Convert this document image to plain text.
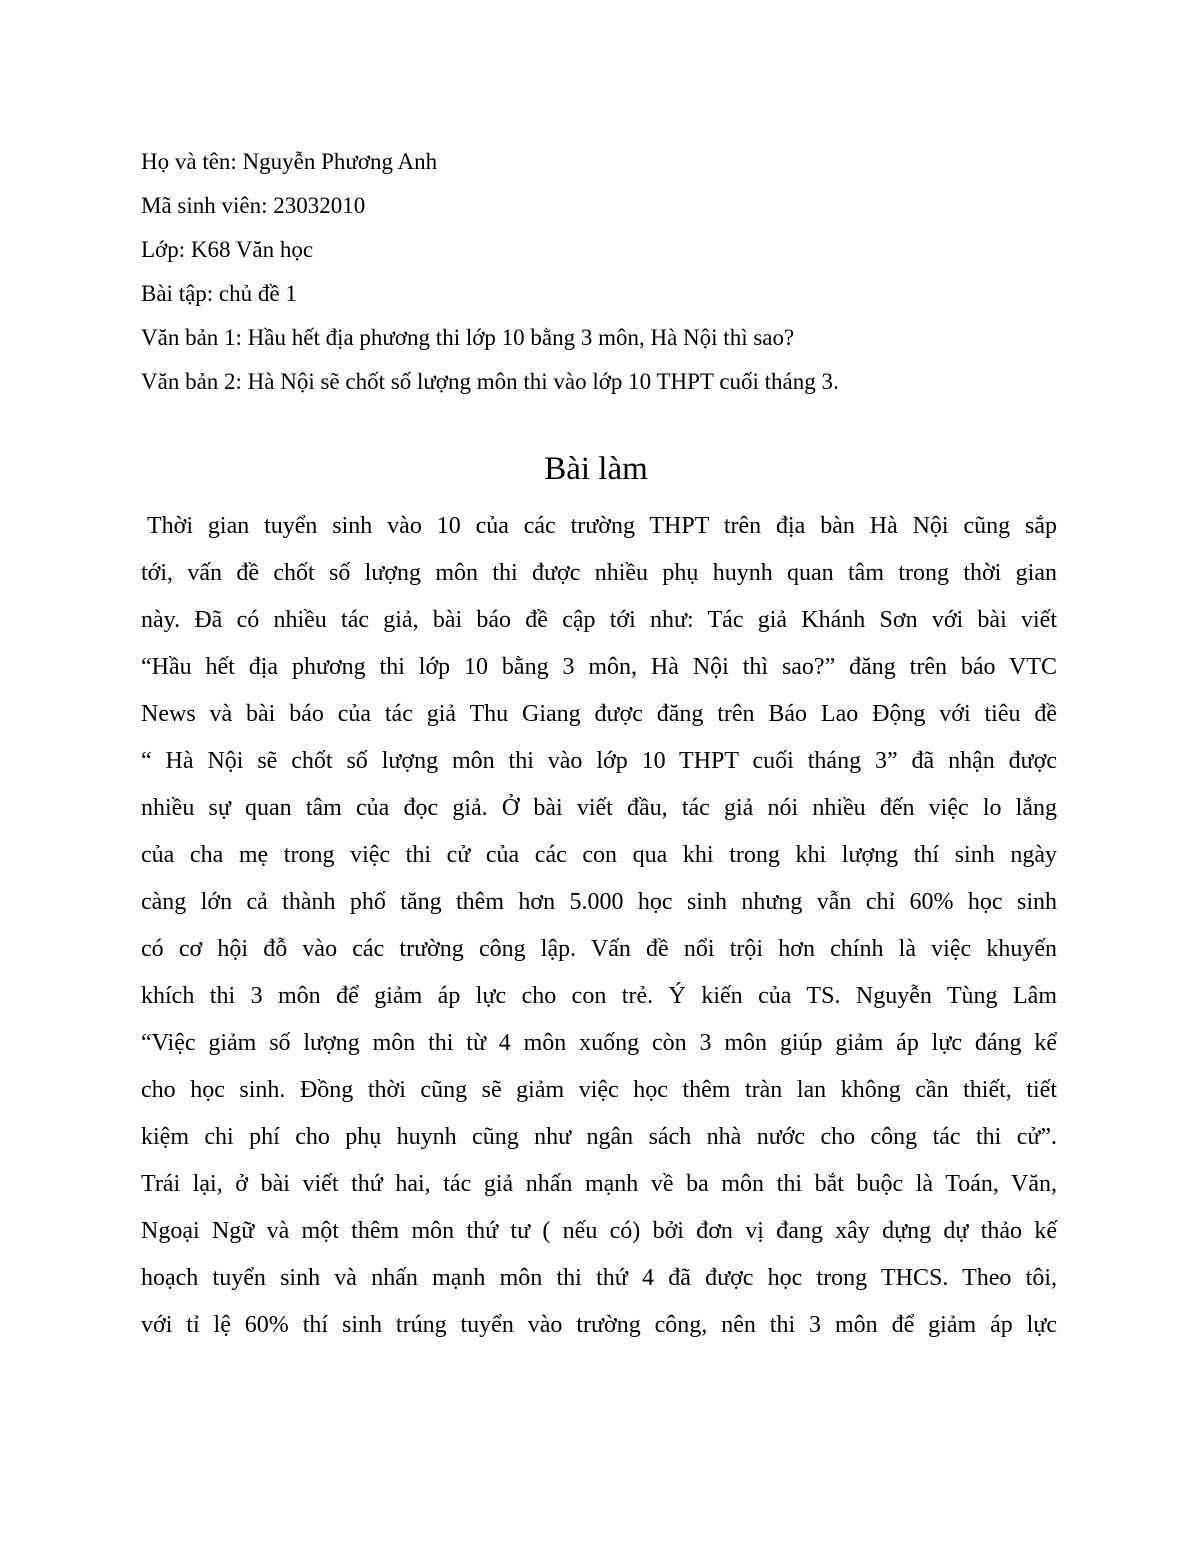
Họ và tên: Nguyễn Phương Anh
Mã sinh viên: 23032010
Lớp: K68 Văn học
Bài tập: chủ đề 1
Văn bản 1: Hầu hết địa phương thi lớp 10 bằng 3 môn, Hà Nội thì sao?
Văn bản 2: Hà Nội sẽ chốt số lượng môn thi vào lớp 10 THPT cuối tháng 3.
Bài làm
Thời gian tuyển sinh vào 10 của các trường THPT trên địa bàn Hà Nội cũng sắp
tới, vấn đề chốt số lượng môn thi được nhiều phụ huynh quan tâm trong thời gian
này. Đã có nhiều tác giả, bài báo đề cập tới như: Tác giả Khánh Sơn với bài viết
“Hầu hết địa phương thi lớp 10 bằng 3 môn, Hà Nội thì sao?” đăng trên báo VTC
News và bài báo của tác giả Thu Giang được đăng trên Báo Lao Động với tiêu đề
“ Hà Nội sẽ chốt số lượng môn thi vào lớp 10 THPT cuối tháng 3” đã nhận được
nhiều sự quan tâm của đọc giả. Ở bài viết đầu, tác giả nói nhiều đến việc lo lắng
của cha mẹ trong việc thi cử của các con qua khi trong khi lượng thí sinh ngày
càng lớn cả thành phố tăng thêm hơn 5.000 học sinh nhưng vẫn chỉ 60% học sinh
có cơ hội đỗ vào các trường công lập. Vấn đề nổi trội hơn chính là việc khuyến
khích thi 3 môn để giảm áp lực cho con trẻ. Ý kiến của TS. Nguyễn Tùng Lâm
“Việc giảm số lượng môn thi từ 4 môn xuống còn 3 môn giúp giảm áp lực đáng kể
cho học sinh. Đồng thời cũng sẽ giảm việc học thêm tràn lan không cần thiết, tiết
kiệm chi phí cho phụ huynh cũng như ngân sách nhà nước cho công tác thi cử”.
Trái lại, ở bài viết thứ hai, tác giả nhấn mạnh về ba môn thi bắt buộc là Toán, Văn,
Ngoại Ngữ và một thêm môn thứ tư ( nếu có) bởi đơn vị đang xây dựng dự thảo kế
hoạch tuyển sinh và nhấn mạnh môn thi thứ 4 đã được học trong THCS. Theo tôi,
với tỉ lệ 60% thí sinh trúng tuyển vào trường công, nên thi 3 môn để giảm áp lực
